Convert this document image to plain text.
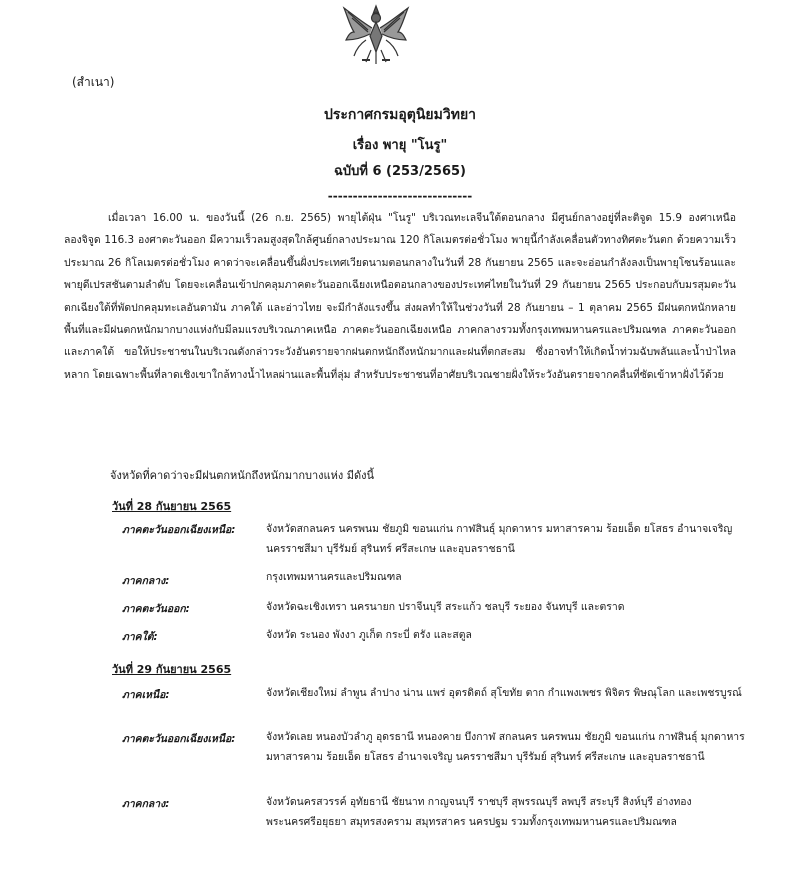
(สำเนา)
ประกาศกรมอุตุนิยมวิทยา
เรื่อง พายุ "โนรู"
ฉบับที่ 6 (253/2565)
-----------------------------

เมื่อเวลา 16.00 น. ของวันนี้ (26 ก.ย. 2565) พายุไต้ฝุ่น "โนรู" บริเวณทะเลจีนใต้ตอนกลาง มีศูนย์กลางอยู่ที่ละติจูด 15.9 องศาเหนือ ลองจิจูด 116.3 องศาตะวันออก มีความเร็วลมสูงสุดใกล้ศูนย์กลางประมาณ 120 กิโลเมตรต่อชั่วโมง พายุนี้กำลังเคลื่อนตัวทางทิศตะวันตก ด้วยความเร็วประมาณ 26 กิโลเมตรต่อชั่วโมง คาดว่าจะเคลื่อนขึ้นฝั่งประเทศเวียดนามตอนกลางในวันที่ 28 กันยายน 2565 และจะอ่อนกำลังลงเป็นพายุโซนร้อนและพายุดีเปรสชันตามลำดับ โดยจะเคลื่อนเข้าปกคลุมภาคตะวันออกเฉียงเหนือตอนกลางของประเทศไทยในวันที่ 29 กันยายน 2565 ประกอบกับมรสุมตะวันตกเฉียงใต้ที่พัดปกคลุมทะเลอันดามัน ภาคใต้ และอ่าวไทย จะมีกำลังแรงขึ้น ส่งผลทำให้ในช่วงวันที่ 28 กันยายน – 1 ตุลาคม 2565 มีฝนตกหนักหลายพื้นที่และมีฝนตกหนักมากบางแห่งกับมีลมแรงบริเวณภาคเหนือ ภาคตะวันออกเฉียงเหนือ ภาคกลางรวมทั้งกรุงเทพมหานครและปริมณฑล ภาคตะวันออก และภาคใต้ ขอให้ประชาชนในบริเวณดังกล่าวระวังอันตรายจากฝนตกหนักถึงหนักมากและฝนที่ตกสะสม ซึ่งอาจทำให้เกิดน้ำท่วมฉับพลันและน้ำป่าไหลหลาก โดยเฉพาะพื้นที่ลาดเชิงเขาใกล้ทางน้ำไหลผ่านและพื้นที่ลุ่ม สำหรับประชาชนที่อาศัยบริเวณชายฝั่งให้ระวังอันตรายจากคลื่นที่ซัดเข้าหาฝั่งไว้ด้วย

จังหวัดที่คาดว่าจะมีฝนตกหนักถึงหนักมากบางแห่ง มีดังนี้
วันที่ 28 กันยายน 2565
ภาคตะวันออกเฉียงเหนือ:	จังหวัดสกลนคร นครพนม ชัยภูมิ ขอนแก่น กาฬสินธุ์ มุกดาหาร มหาสารคาม ร้อยเอ็ด ยโสธร อำนาจเจริญ นครราชสีมา บุรีรัมย์ สุรินทร์ ศรีสะเกษ และอุบลราชธานี

ภาคกลาง:	กรุงเทพมหานครและปริมณฑล

ภาคตะวันออก:	จังหวัดฉะเชิงเทรา นครนายก ปราจีนบุรี สระแก้ว ชลบุรี ระยอง จันทบุรี และตราด

ภาคใต้:	จังหวัด ระนอง พังงา ภูเก็ต กระบี่ ตรัง และสตูล

วันที่ 29 กันยายน 2565
ภาคเหนือ:	จังหวัดเชียงใหม่ ลำพูน ลำปาง น่าน แพร่ อุตรดิตถ์ สุโขทัย ตาก กำแพงเพชร พิจิตร พิษณุโลก และเพชรบูรณ์

ภาคตะวันออกเฉียงเหนือ:	จังหวัดเลย หนองบัวลำภู อุดรธานี หนองคาย บึงกาฬ สกลนคร นครพนม ชัยภูมิ ขอนแก่น กาฬสินธุ์ มุกดาหาร มหาสารคาม ร้อยเอ็ด ยโสธร อำนาจเจริญ นครราชสีมา บุรีรัมย์ สุรินทร์ ศรีสะเกษ และอุบลราชธานี

ภาคกลาง:	จังหวัดนครสวรรค์ อุทัยธานี ชัยนาท กาญจนบุรี ราชบุรี สุพรรณบุรี ลพบุรี สระบุรี สิงห์บุรี อ่างทอง พระนครศรีอยุธยา สมุทรสงคราม สมุทรสาคร นครปฐม รวมทั้งกรุงเทพมหานครและปริมณฑล
